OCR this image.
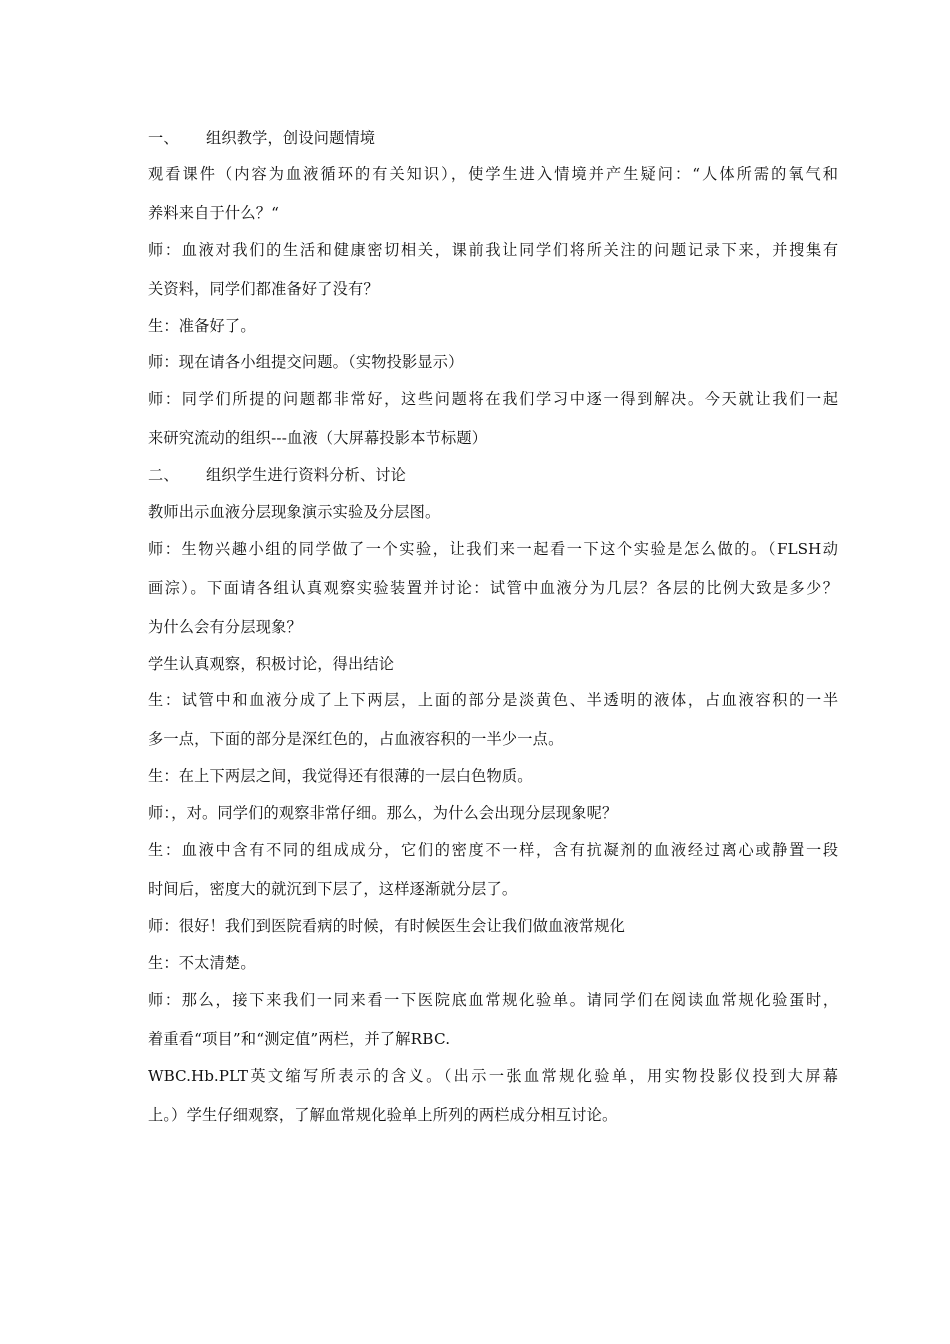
一、	组织教学，创设问题情境

观看课件（内容为血液循环的有关知识），使学生进入情境并产生疑问：“人体所需的氧气和

养料来自于什么？“

师：血液对我们的生活和健康密切相关，课前我让同学们将所关注的问题记录下来，并搜集有

关资料，同学们都准备好了没有？

生：准备好了。

师：现在请各小组提交问题。（实物投影显示）

师：同学们所提的问题都非常好，这些问题将在我们学习中逐一得到解决。今天就让我们一起

来研究流动的组织---血液（大屏幕投影本节标题）

二、	组织学生进行资料分析、讨论

教师出示血液分层现象演示实验及分层图。

师：生物兴趣小组的同学做了一个实验，让我们来一起看一下这个实验是怎么做的。（FLSH动

画淙）。下面请各组认真观察实验装置并讨论：试管中血液分为几层？各层的比例大致是多少？

为什么会有分层现象？

学生认真观察，积极讨论，得出结论

生：试管中和血液分成了上下两层，上面的部分是淡黄色、半透明的液体，占血液容积的一半

多一点，下面的部分是深红色的，占血液容积的一半少一点。

生：在上下两层之间，我觉得还有很薄的一层白色物质。

师：，对。同学们的观察非常仔细。那么，为什么会出现分层现象呢？

生：血液中含有不同的组成成分，它们的密度不一样，含有抗凝剂的血液经过离心或静置一段

时间后，密度大的就沉到下层了，这样逐渐就分层了。

师：很好！我们到医院看病的时候，有时候医生会让我们做血液常规化

生：不太清楚。

师：那么，接下来我们一同来看一下医院底血常规化验单。请同学们在阅读血常规化验蛋时，

着重看“项目”和“测定值”两栏，并了解RBC.

WBC.Hb.PLT英文缩写所表示的含义。（出示一张血常规化验单，用实物投影仪投到大屏幕

上。）学生仔细观察，了解血常规化验单上所列的两栏成分相互讨论。
